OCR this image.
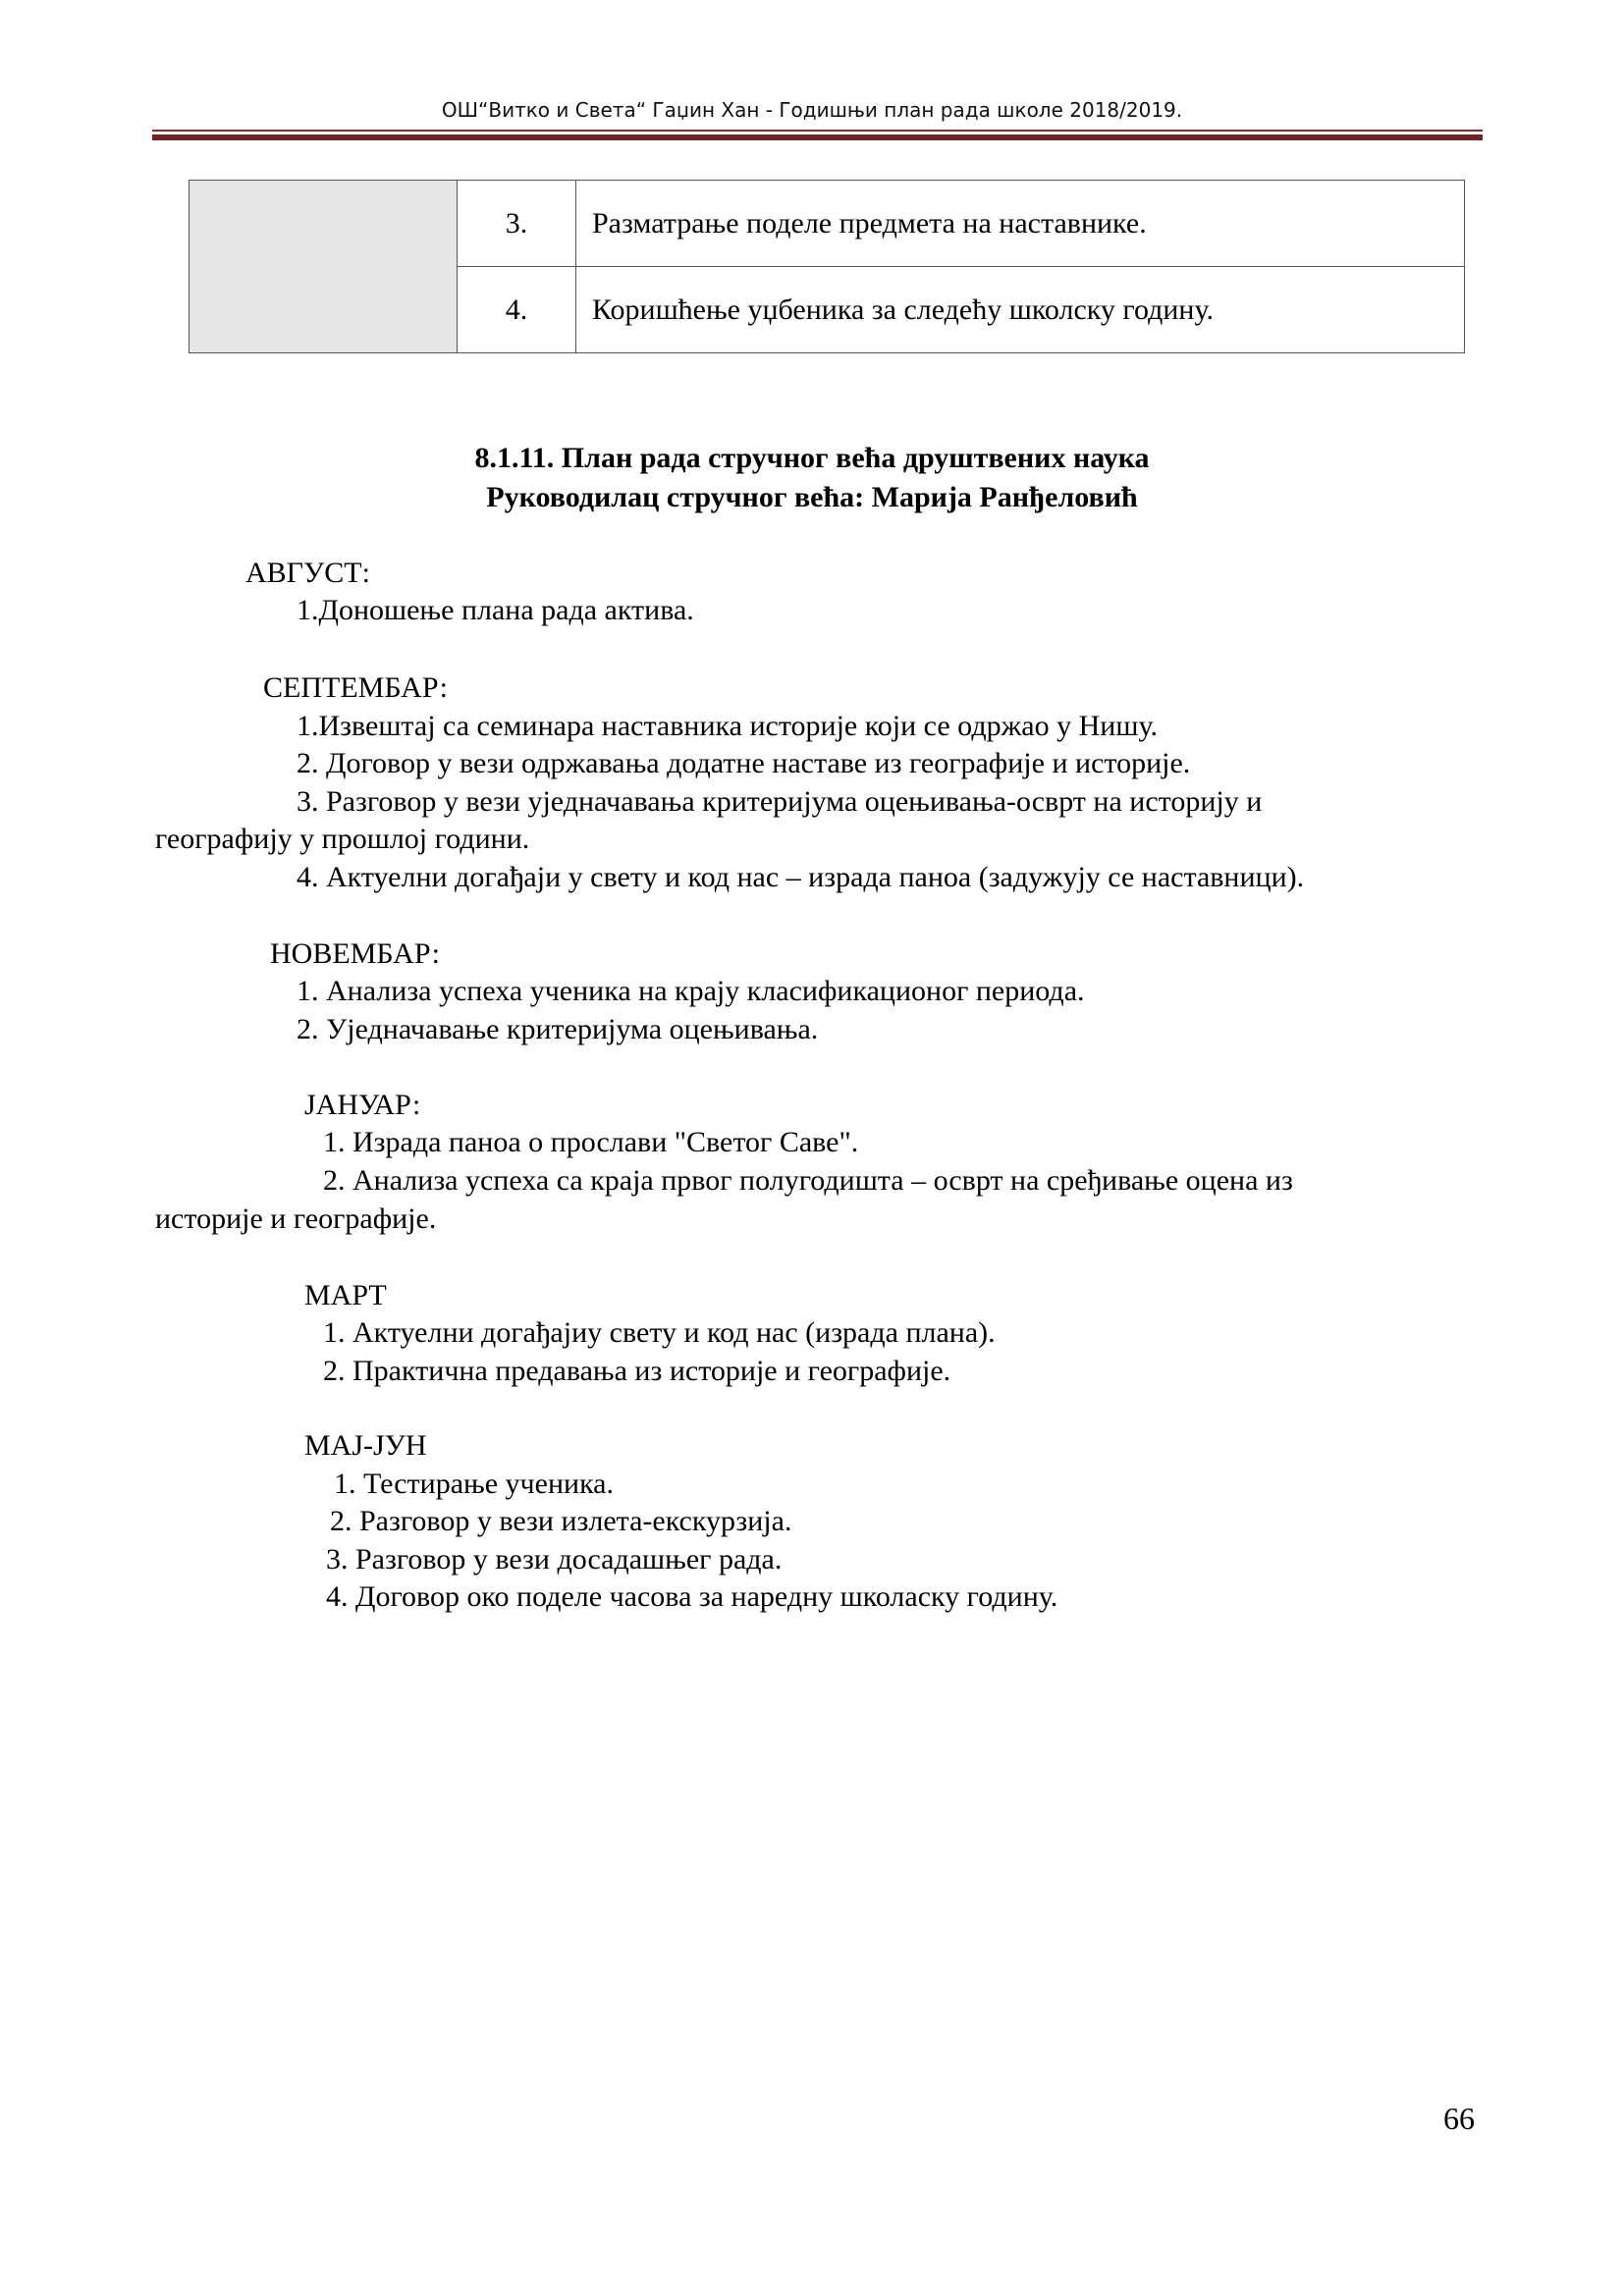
ОШ“Витко и Света“ Гаџин Хан - Годишњи план рада школе 2018/2019.
	3.	Разматрање поделе предмета на наставнике.
	4.	Коришћење уџбеника за следећу школску годину.
8.1.11. План рада стручног већа друштвених наука
Руководилац стручног већа: Марија Ранђеловић
АВГУСТ:
1.Доношење плана рада актива.
СЕПТЕМБАР:
1.Извештај са семинара наставника историје који се одржао у Нишу.
2. Договор у вези одржавања додатне наставе из географије и историје.
3. Разговор у вези уједначавања критеријума оцењивања-осврт на историју и
географију у прошлој години.
4. Актуелни догађаји у свету и код нас – израда паноа (задужују се наставници).
НОВЕМБАР:
1. Анализа успеха ученика на крају класификационог периода.
2. Уједначавање критеријума оцењивања.
ЈАНУАР:
1. Израда паноа о прослави "Светог Саве".
2. Анализа успеха са краја првог полугодишта – осврт на сређивање оцена из
историје и географије.
МАРТ
1. Актуелни догађајиу свету и код нас (израда плана).
2. Практична предавања из историје и географије.
МАЈ-ЈУН
1. Тестирање ученика.
2. Разговор у вези излета-екскурзија.
3. Разговор у вези досадашњег рада.
4. Договор око поделе часова за наредну школаску годину.
66
